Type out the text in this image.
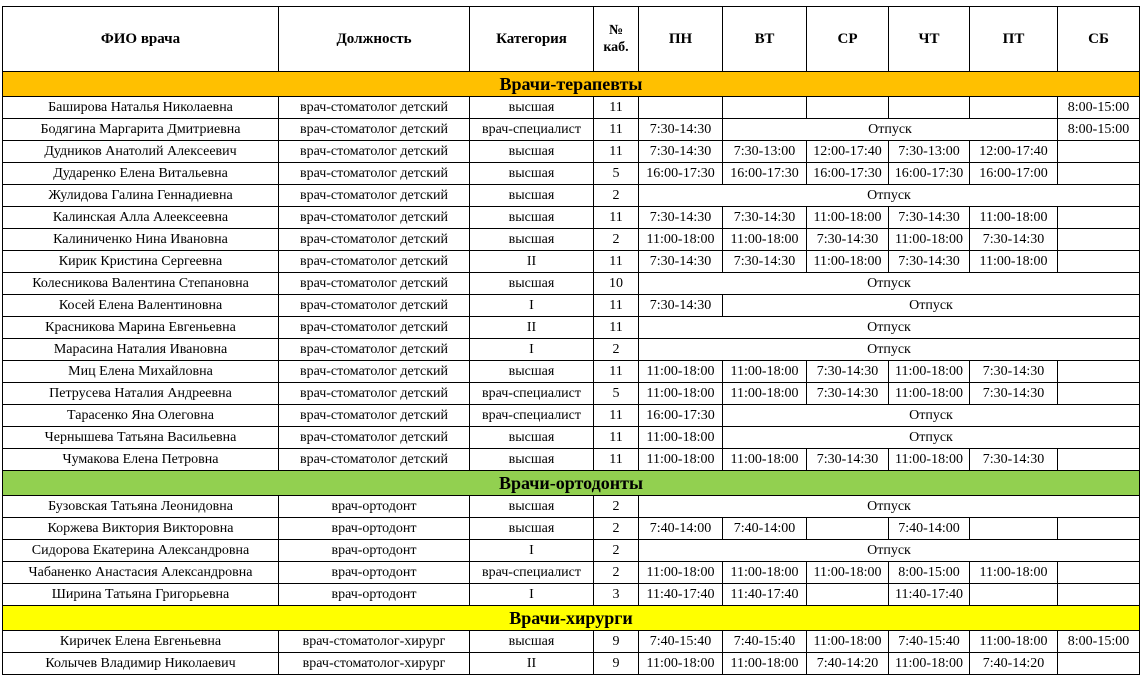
ФИО врача	Должность	Категория	№ каб.	ПН	ВТ	СР	ЧТ	ПТ	СБ
Врачи-терапевты									
Баширова Наталья Николаевна	врач-стоматолог детский	высшая	11						8:00-15:00
Бодягина Маргарита Дмитриевна	врач-стоматолог детский	врач-специалист	11	7:30-14:30	Отпуск				8:00-15:00
Дудников Анатолий Алексеевич	врач-стоматолог детский	высшая	11	7:30-14:30	7:30-13:00	12:00-17:40	7:30-13:00	12:00-17:40	
Дударенко Елена Витальевна	врач-стоматолог детский	высшая	5	16:00-17:30	16:00-17:30	16:00-17:30	16:00-17:30	16:00-17:00	
Жулидова Галина Геннадиевна	врач-стоматолог детский	высшая	2	Отпуск					
Калинская Алла Алеексеевна	врач-стоматолог детский	высшая	11	7:30-14:30	7:30-14:30	11:00-18:00	7:30-14:30	11:00-18:00	
Калиниченко Нина Ивановна	врач-стоматолог детский	высшая	2	11:00-18:00	11:00-18:00	7:30-14:30	11:00-18:00	7:30-14:30	
Кирик Кристина Сергеевна	врач-стоматолог детский	II	11	7:30-14:30	7:30-14:30	11:00-18:00	7:30-14:30	11:00-18:00	
Колесникова Валентина Степановна	врач-стоматолог детский	высшая	10	Отпуск					
Косей Елена Валентиновна	врач-стоматолог детский	I	11	7:30-14:30	Отпуск				
Красникова Марина Евгеньевна	врач-стоматолог детский	II	11	Отпуск					
Марасина Наталия Ивановна	врач-стоматолог детский	I	2	Отпуск					
Миц Елена Михайловна	врач-стоматолог детский	высшая	11	11:00-18:00	11:00-18:00	7:30-14:30	11:00-18:00	7:30-14:30	
Петрусева Наталия Андреевна	врач-стоматолог детский	врач-специалист	5	11:00-18:00	11:00-18:00	7:30-14:30	11:00-18:00	7:30-14:30	
Тарасенко Яна Олеговна	врач-стоматолог детский	врач-специалист	11	16:00-17:30	Отпуск				
Чернышева Татьяна Васильевна	врач-стоматолог детский	высшая	11	11:00-18:00	Отпуск				
Чумакова Елена Петровна	врач-стоматолог детский	высшая	11	11:00-18:00	11:00-18:00	7:30-14:30	11:00-18:00	7:30-14:30	
Врачи-ортодонты									
Бузовская Татьяна Леонидовна	врач-ортодонт	высшая	2	Отпуск					
Коржева Виктория Викторовна	врач-ортодонт	высшая	2	7:40-14:00	7:40-14:00		7:40-14:00		
Сидорова Екатерина Александровна	врач-ортодонт	I	2	Отпуск					
Чабаненко Анастасия Александровна	врач-ортодонт	врач-специалист	2	11:00-18:00	11:00-18:00	11:00-18:00	8:00-15:00	11:00-18:00	
Ширина Татьяна Григорьевна	врач-ортодонт	I	3	11:40-17:40	11:40-17:40		11:40-17:40		
Врачи-хирурги									
Киричек Елена Евгеньевна	врач-стоматолог-хирург	высшая	9	7:40-15:40	7:40-15:40	11:00-18:00	7:40-15:40	11:00-18:00	8:00-15:00
Колычев Владимир Николаевич	врач-стоматолог-хирург	II	9	11:00-18:00	11:00-18:00	7:40-14:20	11:00-18:00	7:40-14:20	
